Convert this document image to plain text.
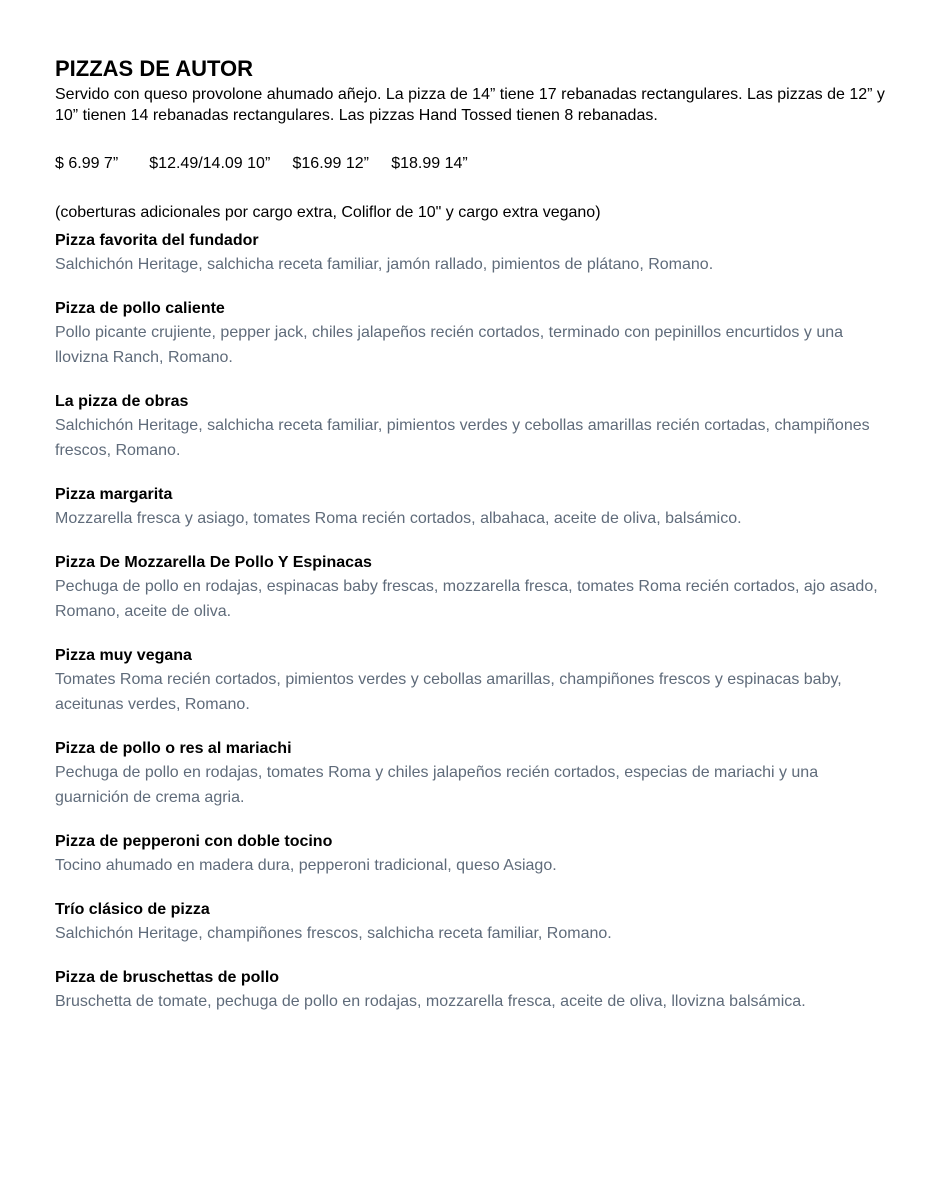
PIZZAS DE AUTOR

Servido con queso provolone ahumado añejo. La pizza de 14” tiene 17 rebanadas rectangulares. Las pizzas de 12” y 10” tienen 14 rebanadas rectangulares. Las pizzas Hand Tossed tienen 8 rebanadas.

$ 6.99 7”       $12.49/14.09 10”     $16.99 12”     $18.99 14”
(coberturas adicionales por cargo extra, Coliflor de 10" y cargo extra vegano)

Pizza favorita del fundador

Salchichón Heritage, salchicha receta familiar, jamón rallado, pimientos de plátano, Romano.

Pizza de pollo caliente

Pollo picante crujiente, pepper jack, chiles jalapeños recién cortados, terminado con pepinillos encurtidos y una llovizna Ranch, Romano.

La pizza de obras

Salchichón Heritage, salchicha receta familiar, pimientos verdes y cebollas amarillas recién cortadas, champiñones frescos, Romano.

Pizza margarita

Mozzarella fresca y asiago, tomates Roma recién cortados, albahaca, aceite de oliva, balsámico.

Pizza De Mozzarella De Pollo Y Espinacas

Pechuga de pollo en rodajas, espinacas baby frescas, mozzarella fresca, tomates Roma recién cortados, ajo asado, Romano, aceite de oliva.

Pizza muy vegana

Tomates Roma recién cortados, pimientos verdes y cebollas amarillas, champiñones frescos y espinacas baby, aceitunas verdes, Romano.

Pizza de pollo o res al mariachi

Pechuga de pollo en rodajas, tomates Roma y chiles jalapeños recién cortados, especias de mariachi y una guarnición de crema agria.

Pizza de pepperoni con doble tocino

Tocino ahumado en madera dura, pepperoni tradicional, queso Asiago.

Trío clásico de pizza

Salchichón Heritage, champiñones frescos, salchicha receta familiar, Romano.

Pizza de bruschettas de pollo

Bruschetta de tomate, pechuga de pollo en rodajas, mozzarella fresca, aceite de oliva, llovizna balsámica.
